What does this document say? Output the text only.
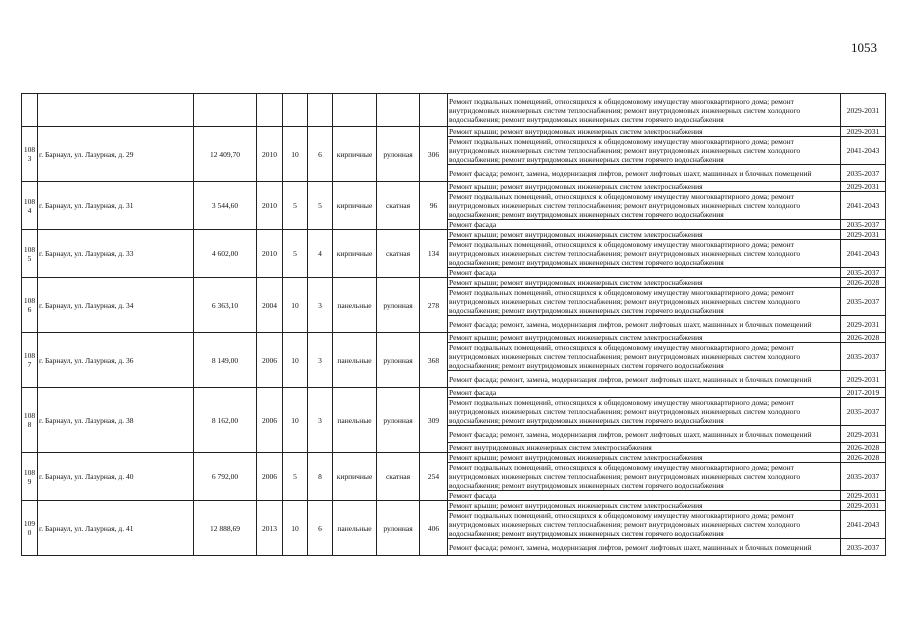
1053
									Ремонт подвальных помещений, относящихся к общедомовому имуществу многоквартирного дома; ремонт внутридомовых инженерных систем теплоснабжения; ремонт внутридомовых инженерных систем холодного водоснабжения; ремонт внутридомовых инженерных систем горячего водоснабжения	2029-2031
1083	г. Барнаул, ул. Лазурная, д. 29	12 409,70	2010	10	6	кирпичные	рулонная	306	Ремонт крыши; ремонт внутридомовых инженерных систем электроснабжения	2029-2031
									Ремонт подвальных помещений, относящихся к общедомовому имуществу многоквартирного дома; ремонт внутридомовых инженерных систем теплоснабжения; ремонт внутридомовых инженерных систем холодного водоснабжения; ремонт внутридомовых инженерных систем горячего водоснабжения	2041-2043
									Ремонт фасада; ремонт, замена, модернизация лифтов, ремонт лифтовых шахт, машинных и блочных помещений	2035-2037
1084	г. Барнаул, ул. Лазурная, д. 31	3 544,60	2010	5	5	кирпичные	скатная	96	Ремонт крыши; ремонт внутридомовых инженерных систем электроснабжения	2029-2031
									Ремонт подвальных помещений, относящихся к общедомовому имуществу многоквартирного дома; ремонт внутридомовых инженерных систем теплоснабжения; ремонт внутридомовых инженерных систем холодного водоснабжения; ремонт внутридомовых инженерных систем горячего водоснабжения	2041-2043
									Ремонт фасада	2035-2037
1085	г. Барнаул, ул. Лазурная, д. 33	4 602,00	2010	5	4	кирпичные	скатная	134	Ремонт крыши; ремонт внутридомовых инженерных систем электроснабжения	2029-2031
									Ремонт подвальных помещений, относящихся к общедомовому имуществу многоквартирного дома; ремонт внутридомовых инженерных систем теплоснабжения; ремонт внутридомовых инженерных систем холодного водоснабжения; ремонт внутридомовых инженерных систем горячего водоснабжения	2041-2043
									Ремонт фасада	2035-2037
1086	г. Барнаул, ул. Лазурная, д. 34	6 363,10	2004	10	3	панельные	рулонная	278	Ремонт крыши; ремонт внутридомовых инженерных систем электроснабжения	2026-2028
									Ремонт подвальных помещений, относящихся к общедомовому имуществу многоквартирного дома; ремонт внутридомовых инженерных систем теплоснабжения; ремонт внутридомовых инженерных систем холодного водоснабжения; ремонт внутридомовых инженерных систем горячего водоснабжения	2035-2037
									Ремонт фасада; ремонт, замена, модернизация лифтов, ремонт лифтовых шахт, машинных и блочных помещений	2029-2031
1087	г. Барнаул, ул. Лазурная, д. 36	8 149,00	2006	10	3	панельные	рулонная	368	Ремонт крыши; ремонт внутридомовых инженерных систем электроснабжения	2026-2028
									Ремонт подвальных помещений, относящихся к общедомовому имуществу многоквартирного дома; ремонт внутридомовых инженерных систем теплоснабжения; ремонт внутридомовых инженерных систем холодного водоснабжения; ремонт внутридомовых инженерных систем горячего водоснабжения	2035-2037
									Ремонт фасада; ремонт, замена, модернизация лифтов, ремонт лифтовых шахт, машинных и блочных помещений	2029-2031
1088	г. Барнаул, ул. Лазурная, д. 38	8 162,00	2006	10	3	панельные	рулонная	309	Ремонт фасада	2017-2019
									Ремонт подвальных помещений, относящихся к общедомовому имуществу многоквартирного дома; ремонт внутридомовых инженерных систем теплоснабжения; ремонт внутридомовых инженерных систем холодного водоснабжения; ремонт внутридомовых инженерных систем горячего водоснабжения	2035-2037
									Ремонт фасада; ремонт, замена, модернизация лифтов, ремонт лифтовых шахт, машинных и блочных помещений	2029-2031
									Ремонт внутридомовых инженерных систем электроснабжения	2026-2028
1089	г. Барнаул, ул. Лазурная, д. 40	6 792,00	2006	5	8	кирпичные	скатная	254	Ремонт крыши; ремонт внутридомовых инженерных систем электроснабжения	2026-2028
									Ремонт подвальных помещений, относящихся к общедомовому имуществу многоквартирного дома; ремонт внутридомовых инженерных систем теплоснабжения; ремонт внутридомовых инженерных систем холодного водоснабжения; ремонт внутридомовых инженерных систем горячего водоснабжения	2035-2037
									Ремонт фасада	2029-2031
1090	г. Барнаул, ул. Лазурная, д. 41	12 888,69	2013	10	6	панельные	рулонная	406	Ремонт крыши; ремонт внутридомовых инженерных систем электроснабжения	2029-2031
									Ремонт подвальных помещений, относящихся к общедомовому имуществу многоквартирного дома; ремонт внутридомовых инженерных систем теплоснабжения; ремонт внутридомовых инженерных систем холодного водоснабжения; ремонт внутридомовых инженерных систем горячего водоснабжения	2041-2043
									Ремонт фасада; ремонт, замена, модернизация лифтов, ремонт лифтовых шахт, машинных и блочных помещений	2035-2037
